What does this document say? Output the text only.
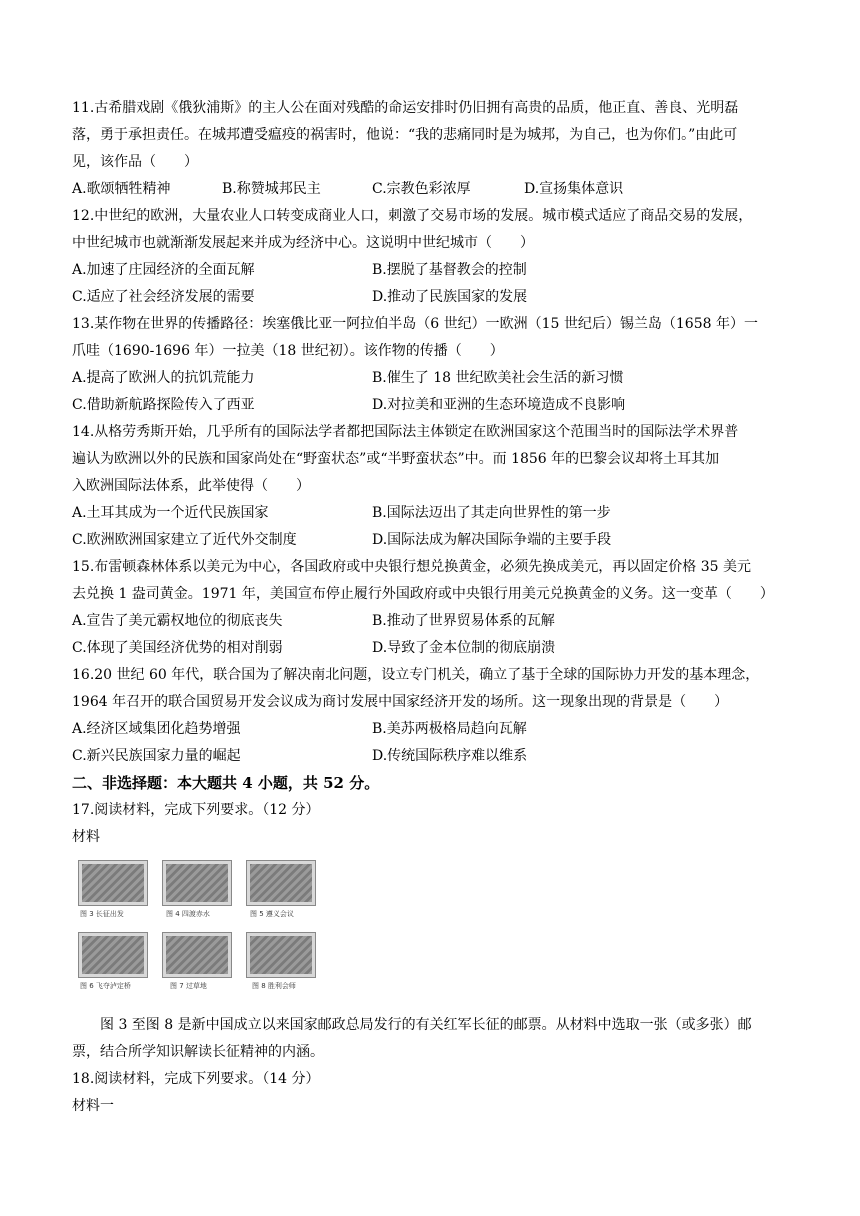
11.古希腊戏剧《俄狄浦斯》的主人公在面对残酷的命运安排时仍旧拥有高贵的品质，他正直、善良、光明磊
落，勇于承担责任。在城邦遭受瘟疫的祸害时，他说：“我的悲痛同时是为城邦，为自己，也为你们。”由此可
见，该作品（　　）
A.歌颂牺牲精神	B.称赞城邦民主	C.宗教色彩浓厚	D.宣扬集体意识
12.中世纪的欧洲，大量农业人口转变成商业人口，刺激了交易市场的发展。城市模式适应了商品交易的发展，
中世纪城市也就渐渐发展起来并成为经济中心。这说明中世纪城市（　　）
A.加速了庄园经济的全面瓦解	B.摆脱了基督教会的控制
C.适应了社会经济发展的需要	D.推动了民族国家的发展
13.某作物在世界的传播路径：埃塞俄比亚一阿拉伯半岛（6 世纪）一欧洲（15 世纪后）锡兰岛（1658 年）一
爪哇（1690-1696 年）一拉美（18 世纪初）。该作物的传播（　　）
A.提高了欧洲人的抗饥荒能力	B.催生了 18 世纪欧美社会生活的新习惯
C.借助新航路探险传入了西亚	D.对拉美和亚洲的生态环境造成不良影响
14.从格劳秀斯开始，几乎所有的国际法学者都把国际法主体锁定在欧洲国家这个范围当时的国际法学术界普
遍认为欧洲以外的民族和国家尚处在“野蛮状态”或“半野蛮状态”中。而 1856 年的巴黎会议却将土耳其加
入欧洲国际法体系，此举使得（　　）
A.土耳其成为一个近代民族国家	B.国际法迈出了其走向世界性的第一步
C.欧洲欧洲国家建立了近代外交制度	D.国际法成为解决国际争端的主要手段
15.布雷顿森林体系以美元为中心，各国政府或中央银行想兑换黄金，必须先换成美元，再以固定价格 35 美元
去兑换 1 盎司黄金。1971 年，美国宣布停止履行外国政府或中央银行用美元兑换黄金的义务。这一变革（　　）
A.宣告了美元霸权地位的彻底丧失	B.推动了世界贸易体系的瓦解
C.体现了美国经济优势的相对削弱	D.导致了金本位制的彻底崩溃
16.20 世纪 60 年代，联合国为了解决南北问题，设立专门机关，确立了基于全球的国际协力开发的基本理念，
1964 年召开的联合国贸易开发会议成为商讨发展中国家经济开发的场所。这一现象出现的背景是（　　）
A.经济区域集团化趋势增强	B.美苏两极格局趋向瓦解
C.新兴民族国家力量的崛起	D.传统国际秩序难以维系
二、非选择题：本大题共 4 小题，共 52 分。
17.阅读材料，完成下列要求。（12 分）
材料
图 3 长征出发	图 4 四渡赤水	图 5 遵义会议
图 6 飞夺泸定桥	图 7 过草地	图 8 胜利会师
图 3 至图 8 是新中国成立以来国家邮政总局发行的有关红军长征的邮票。从材料中选取一张（或多张）邮
票，结合所学知识解读长征精神的内涵。
18.阅读材料，完成下列要求。（14 分）
材料一
